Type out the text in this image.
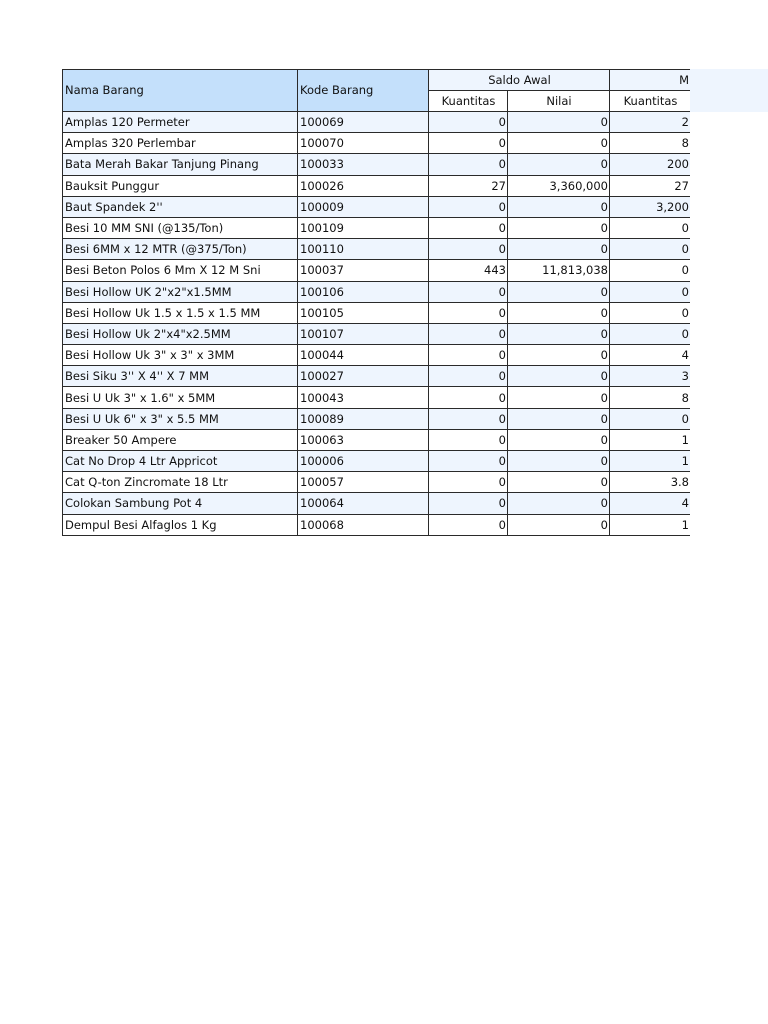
Nama Barang	Kode Barang	Saldo Awal		M
		Kuantitas	Nilai	Kuantitas
Amplas 120 Permeter	100069	0	0	2
Amplas 320 Perlembar	100070	0	0	8
Bata Merah Bakar Tanjung Pinang	100033	0	0	200
Bauksit Punggur	100026	27	3,360,000	27
Baut Spandek 2''	100009	0	0	3,200
Besi 10 MM SNI (@135/Ton)	100109	0	0	0
Besi 6MM x 12 MTR (@375/Ton)	100110	0	0	0
Besi Beton Polos 6 Mm X 12 M Sni	100037	443	11,813,038	0
Besi Hollow UK 2"x2"x1.5MM	100106	0	0	0
Besi Hollow Uk 1.5 x 1.5 x 1.5 MM	100105	0	0	0
Besi Hollow Uk 2"x4"x2.5MM	100107	0	0	0
Besi Hollow Uk 3" x 3" x 3MM	100044	0	0	4
Besi Siku 3'' X 4'' X 7 MM	100027	0	0	3
Besi U Uk 3" x 1.6" x 5MM	100043	0	0	8
Besi U Uk 6" x 3" x 5.5 MM	100089	0	0	0
Breaker 50 Ampere	100063	0	0	1
Cat No Drop 4 Ltr Appricot	100006	0	0	1
Cat Q-ton Zincromate 18 Ltr	100057	0	0	3.8
Colokan Sambung Pot 4	100064	0	0	4
Dempul Besi Alfaglos 1 Kg	100068	0	0	1
